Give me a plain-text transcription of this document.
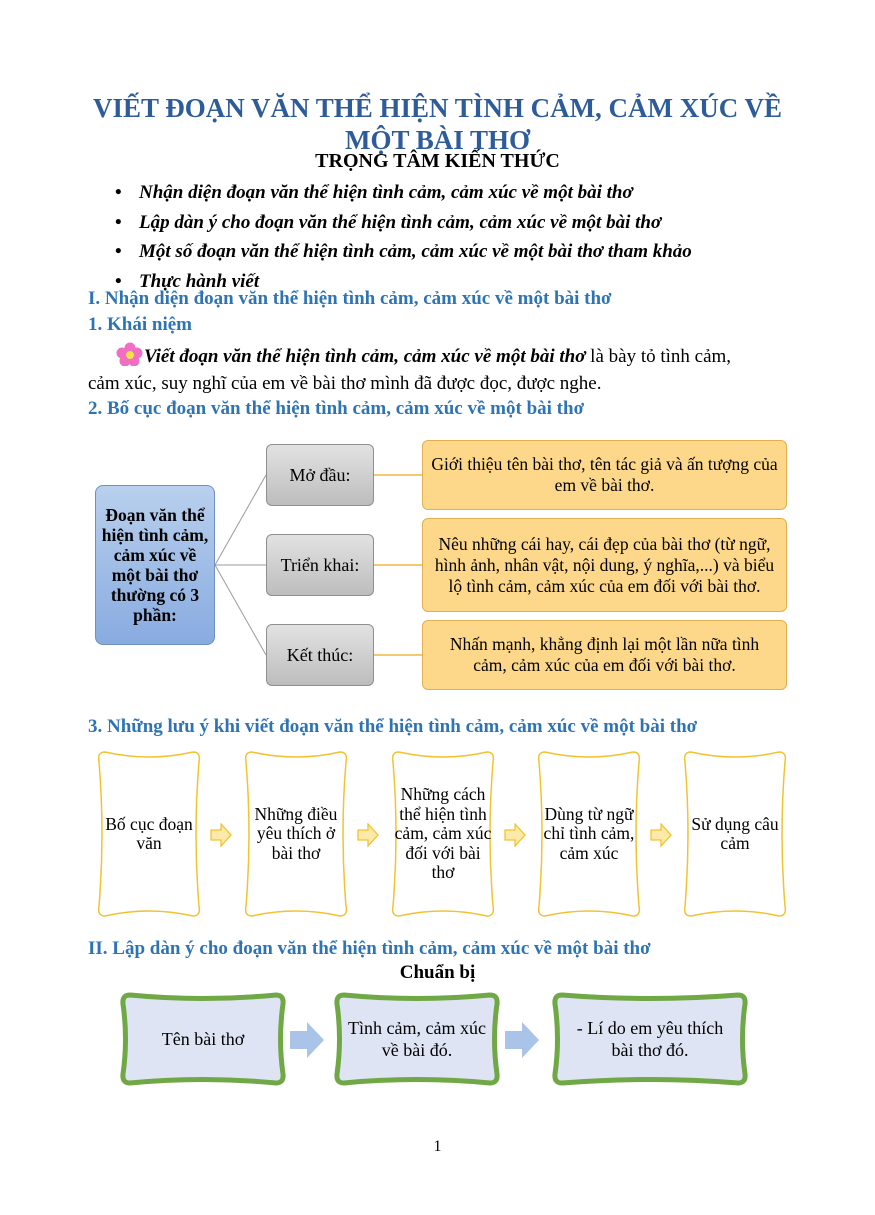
VIẾT ĐOẠN VĂN THỂ HIỆN TÌNH CẢM, CẢM XÚC VỀ MỘT BÀI THƠ
TRỌNG TÂM KIẾN THỨC
• Nhận diện đoạn văn thể hiện tình cảm, cảm xúc về một bài thơ
• Lập dàn ý cho đoạn văn thể hiện tình cảm, cảm xúc về một bài thơ
• Một số đoạn văn thể hiện tình cảm, cảm xúc về một bài thơ tham khảo
• Thực hành viết
I. Nhận diện đoạn văn thể hiện tình cảm, cảm xúc về một bài thơ
1. Khái niệm
Viết đoạn văn thể hiện tình cảm, cảm xúc về một bài thơ là bày tỏ tình cảm,
cảm xúc, suy nghĩ của em về bài thơ mình đã được đọc, được nghe.
2. Bố cục đoạn văn thể hiện tình cảm, cảm xúc về một bài thơ
Đoạn văn thể hiện tình cảm, cảm xúc về một bài thơ thường có 3 phần:
Mở đầu:
Triển khai:
Kết thúc:
Giới thiệu tên bài thơ, tên tác giả và ấn tượng của em về bài thơ.
Nêu những cái hay, cái đẹp của bài thơ (từ ngữ, hình ảnh, nhân vật, nội dung, ý nghĩa,...) và biểu lộ tình cảm, cảm xúc của em đối với bài thơ.
Nhấn mạnh, khẳng định lại một lần nữa tình cảm, cảm xúc của em đối với bài thơ.
3. Những lưu ý khi viết đoạn văn thể hiện tình cảm, cảm xúc về một bài thơ
Bố cục đoạn văn
Những điều yêu thích ở bài thơ
Những cách thể hiện tình cảm, cảm xúc đối với bài thơ
Dùng từ ngữ chỉ tình cảm, cảm xúc
Sử dụng câu cảm
II. Lập dàn ý cho đoạn văn thể hiện tình cảm, cảm xúc về một bài thơ
Chuẩn bị
Tên bài thơ
Tình cảm, cảm xúc về bài đó.
- Lí do em yêu thích bài thơ đó.
1
